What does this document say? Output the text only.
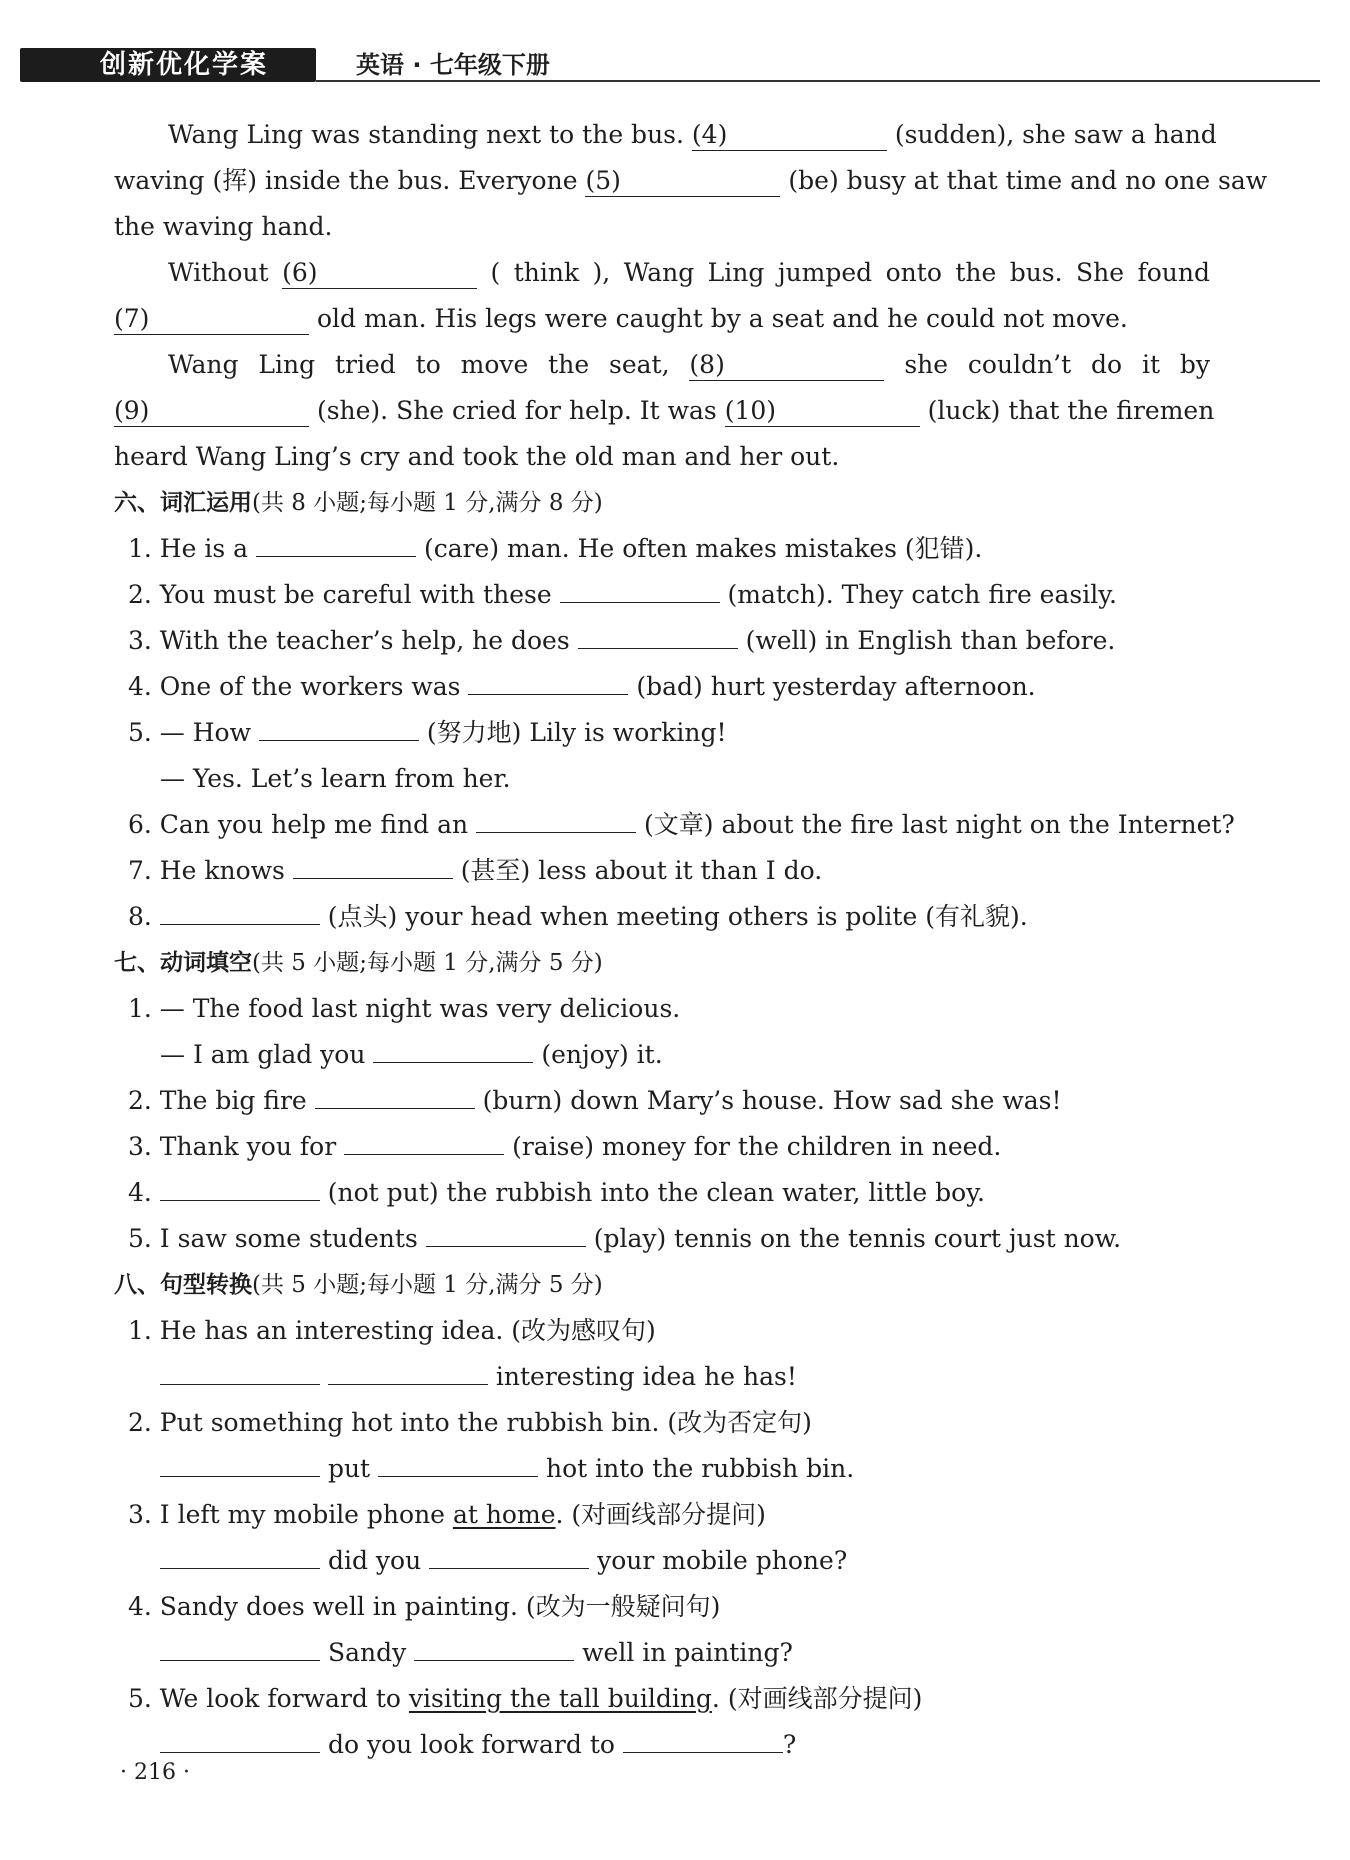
创新优化学案	英语 · 七年级下册
Wang Ling was standing next to the bus. (4)	(sudden), she saw a hand
waving (挥) inside the bus. Everyone (5)	(be) busy at that time and no one saw
the waving hand.
Without (6)	( think ), Wang Ling jumped onto the bus. She found
(7)	old man. His legs were caught by a seat and he could not move.
Wang Ling tried to move the seat, (8)	she couldn’t do it by
(9)	(she). She cried for help. It was (10)	(luck) that the firemen
heard Wang Ling’s cry and took the old man and her out.
六、词汇运用(共 8 小题;每小题 1 分,满分 8 分)
1. He is a	(care) man. He often makes mistakes (犯错).
2. You must be careful with these	(match). They catch fire easily.
3. With the teacher’s help, he does	(well) in English than before.
4. One of the workers was	(bad) hurt yesterday afternoon.
5. — How	(努力地) Lily is working!
— Yes. Let’s learn from her.
6. Can you help me find an	(文章) about the fire last night on the Internet?
7. He knows	(甚至) less about it than I do.
8.	(点头) your head when meeting others is polite (有礼貌).
七、动词填空(共 5 小题;每小题 1 分,满分 5 分)
1. — The food last night was very delicious.
— I am glad you	(enjoy) it.
2. The big fire	(burn) down Mary’s house. How sad she was!
3. Thank you for	(raise) money for the children in need.
4.	(not put) the rubbish into the clean water, little boy.
5. I saw some students	(play) tennis on the tennis court just now.
八、句型转换(共 5 小题;每小题 1 分,满分 5 分)
1. He has an interesting idea. (改为感叹句)
interesting idea he has!
2. Put something hot into the rubbish bin. (改为否定句)
put	hot into the rubbish bin.
3. I left my mobile phone at home. (对画线部分提问)
did you	your mobile phone?
4. Sandy does well in painting. (改为一般疑问句)
Sandy	well in painting?
5. We look forward to visiting the tall building. (对画线部分提问)
do you look forward to	?
· 216 ·
